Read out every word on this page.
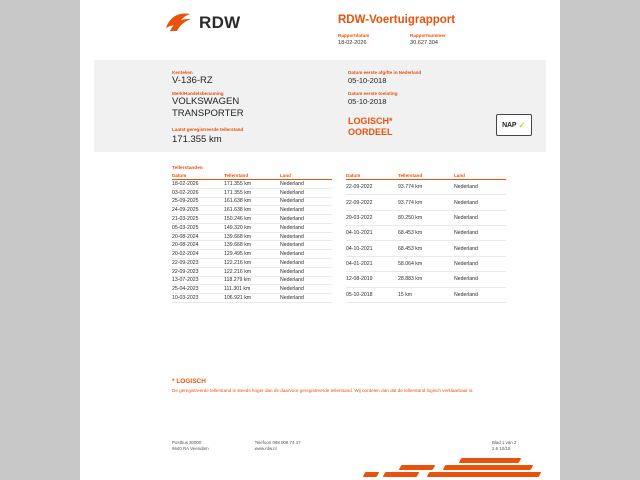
RDW	RDW-Voertuigrapport
Rapportdatum
18-02-2026
Rapportnummer
30.627.304
Kenteken
V-136-RZ
Merk/Handelsbenaming
VOLKSWAGEN
TRANSPORTER
Laatst geregistreerde tellerstand
171.355 km
Datum eerste afgifte in Nederland
05-10-2018
Datum eerste toelating
05-10-2018
LOGISCH*
OORDEEL
NAP ✓
Tellerstanden
Datum	Tellerstand	Land
18-02-2026	171.355 km	Nederland
03-02-2026	171.355 km	Nederland
25-09-2025	161.638 km	Nederland
24-09-2025	161.638 km	Nederland
21-03-2025	150.246 km	Nederland
05-03-2025	149.320 km	Nederland
20-08-2024	139.668 km	Nederland
20-08-2024	139.668 km	Nederland
20-02-2024	129.495 km	Nederland
22-09-2023	122.216 km	Nederland
22-09-2023	122.216 km	Nederland
13-07-2023	118.279 km	Nederland
25-04-2023	111.301 km	Nederland
10-03-2023	106.921 km	Nederland
Datum	Tellerstand	Land
22-09-2022	93.774 km	Nederland
22-09-2022	93.774 km	Nederland
29-03-2022	80.250 km	Nederland
04-10-2021	68.453 km	Nederland
04-10-2021	68.453 km	Nederland
04-01-2021	58.064 km	Nederland
12-08-2019	28.883 km	Nederland
05-10-2018	15 km	Nederland
* LOGISCH
De geregistreerde tellerstand is steeds hoger dan de daarvoor geregistreerde tellerstand. Wij oordelen dan dat de tellerstand logisch verklaarbaar is.
Postbus 30000
9640 RA Veendam
Telefoon 088 008 74 47
www.rdw.nl
Blad 1 van 2
2.6 10/18
